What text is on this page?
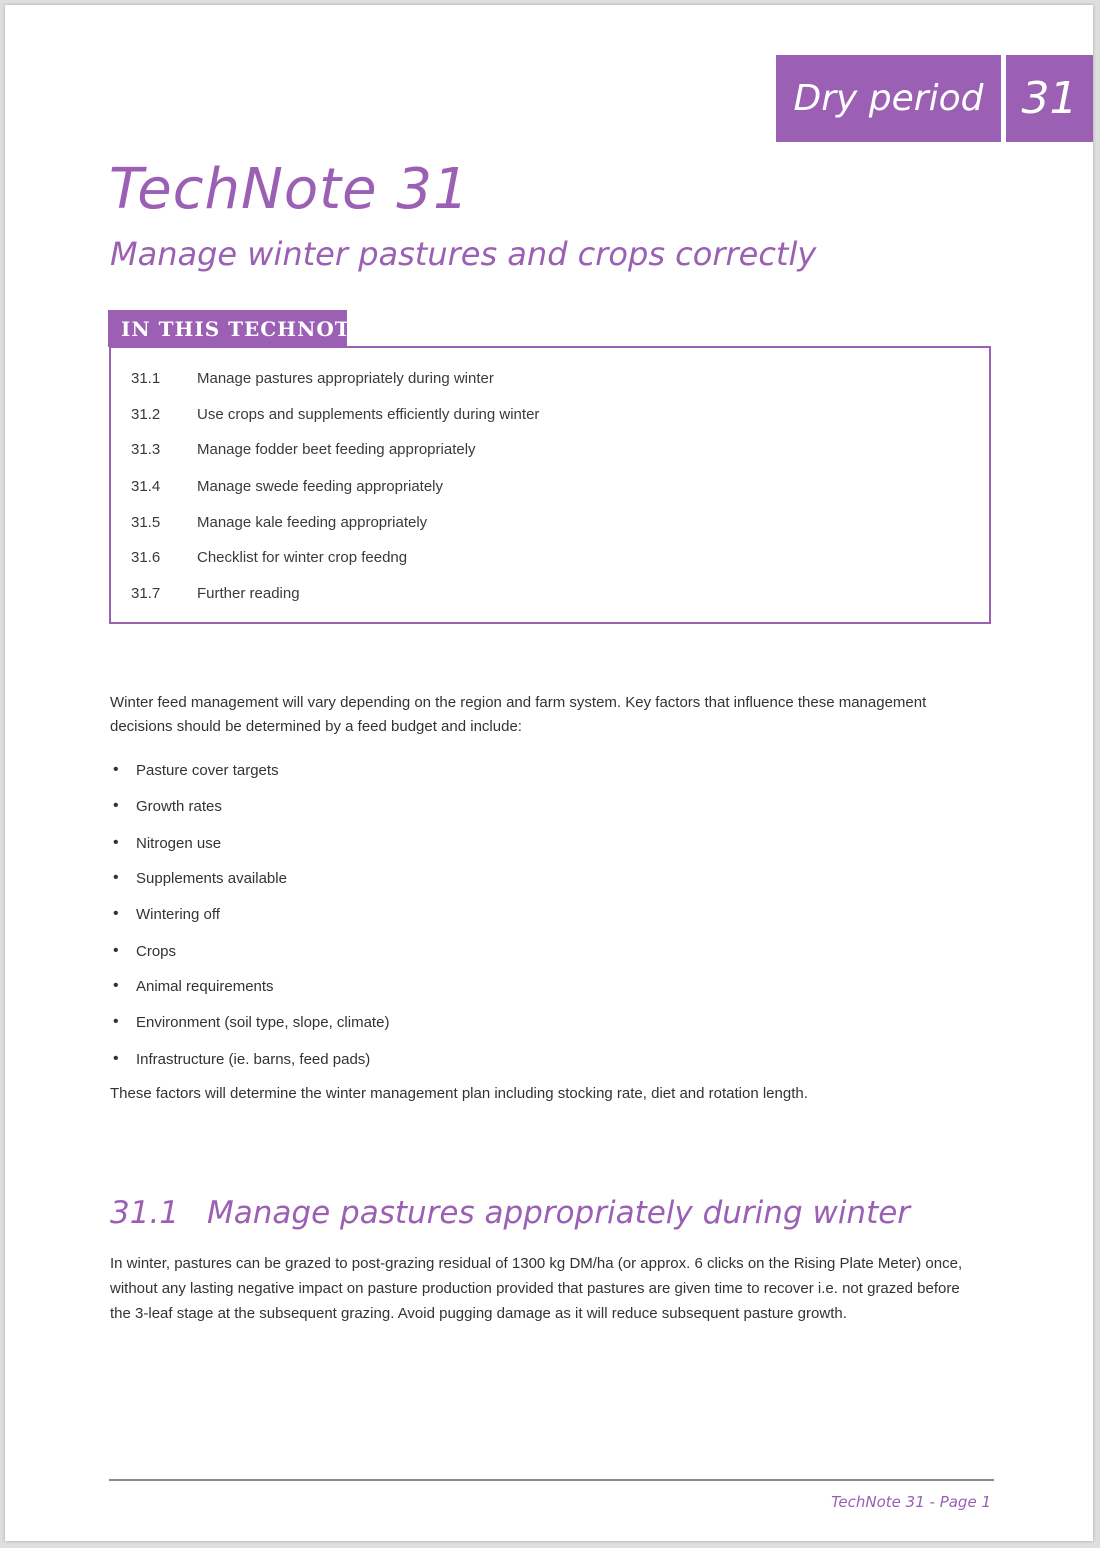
Dry period 31
TechNote 31
Manage winter pastures and crops correctly
IN THIS TECHNOTE
31.1	Manage pastures appropriately during winter
31.2	Use crops and supplements efficiently during winter
31.3	Manage fodder beet feeding appropriately
31.4	Manage swede feeding appropriately
31.5	Manage kale feeding appropriately
31.6	Checklist for winter crop feedng
31.7	Further reading

Winter feed management will vary depending on the region and farm system. Key factors that influence these management decisions should be determined by a feed budget and include:

•	Pasture cover targets
•	Growth rates
•	Nitrogen use
•	Supplements available
•	Wintering off
•	Crops
•	Animal requirements
•	Environment (soil type, slope, climate)
•	Infrastructure (ie. barns, feed pads)

These factors will determine the winter management plan including stocking rate, diet and rotation length.

31.1 Manage pastures appropriately during winter

In winter, pastures can be grazed to post-grazing residual of 1300 kg DM/ha (or approx. 6 clicks on the Rising Plate Meter) once, without any lasting negative impact on pasture production provided that pastures are given time to recover i.e. not grazed before the 3-leaf stage at the subsequent grazing. Avoid pugging damage as it will reduce subsequent pasture growth.

TechNote 31 - Page 1
